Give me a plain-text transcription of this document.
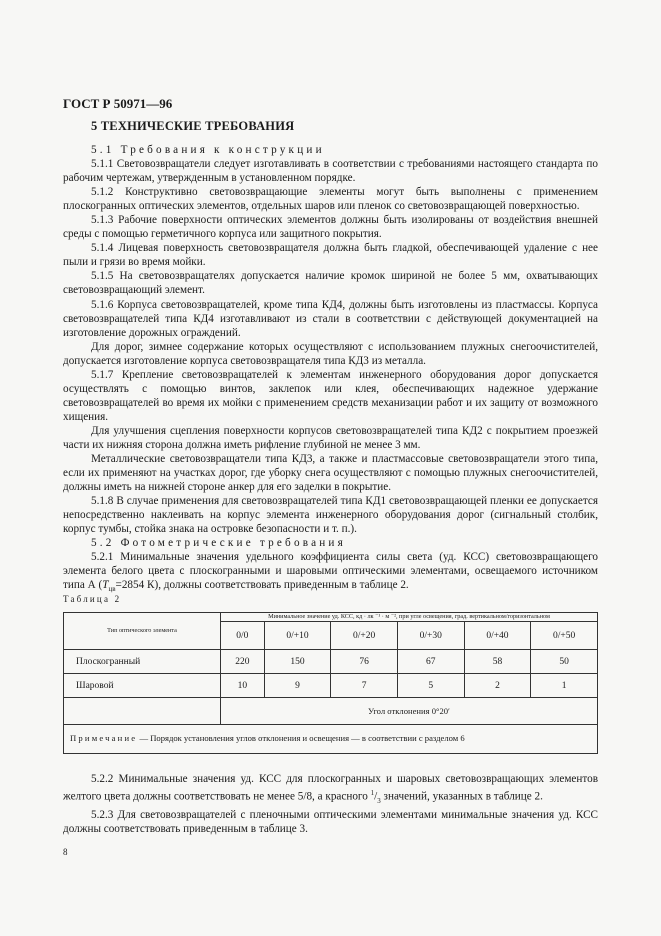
ГОСТ Р 50971—96
5 ТЕХНИЧЕСКИЕ ТРЕБОВАНИЯ

5.1 Требования к конструкции

5.1.1 Световозвращатели следует изготавливать в соответствии с требованиями настоящего стандарта по рабочим чертежам, утвержденным в установленном порядке.

5.1.2 Конструктивно световозвращающие элементы могут быть выполнены с применением плоскогранных оптических элементов, отдельных шаров или пленок со световозвращающей поверхностью.

5.1.3 Рабочие поверхности оптических элементов должны быть изолированы от воздействия внешней среды с помощью герметичного корпуса или защитного покрытия.

5.1.4 Лицевая поверхность световозвращателя должна быть гладкой, обеспечивающей удаление с нее пыли и грязи во время мойки.

5.1.5 На световозвращателях допускается наличие кромок шириной не более 5 мм, охватывающих световозвращающий элемент.

5.1.6 Корпуса световозвращателей, кроме типа КД4, должны быть изготовлены из пластмассы. Корпуса световозвращателей типа КД4 изготавливают из стали в соответствии с действующей документацией на изготовление дорожных ограждений.

Для дорог, зимнее содержание которых осуществляют с использованием плужных снегоочистителей, допускается изготовление корпуса световозвращателя типа КД3 из металла.

5.1.7 Крепление световозвращателей к элементам инженерного оборудования дорог допускается осуществлять с помощью винтов, заклепок или клея, обеспечивающих надежное удержание световозвращателей во время их мойки с применением средств механизации работ и их защиту от возможного хищения.

Для улучшения сцепления поверхности корпусов световозвращателей типа КД2 с покрытием проезжей части их нижняя сторона должна иметь рифление глубиной не менее 3 мм.

Металлические световозвращатели типа КД3, а также и пластмассовые световозвращатели этого типа, если их применяют на участках дорог, где уборку снега осуществляют с помощью плужных снегоочистителей, должны иметь на нижней стороне анкер для его заделки в покрытие.

5.1.8 В случае применения для световозвращателей типа КД1 световозвращающей пленки ее допускается непосредственно наклеивать на корпус элемента инженерного оборудования дорог (сигнальный столбик, корпус тумбы, стойка знака на островке безопасности и т. п.).

5.2 Фотометрические требования

5.2.1 Минимальные значения удельного коэффициента силы света (уд. КСС) световозвращающего элемента белого цвета с плоскогранными и шаровыми оптическими элементами, освещаемого источником типа А ($T_{цв}=2854$ К), должны соответствовать приведенным в таблице 2.

Таблица 2
Тип оптического элемента	Минимальное значение уд. КСС, кд · лк ⁻¹ · м ⁻², при угле освещения, град. вертикальном/горизонтальном					
	0/0	0/+10	0/+20	0/+30	0/+40	0/+50
Плоскогранный	220	150	76	67	58	50
Шаровой	10	9	7	5	2	1
	Угол отклонения 0°20′					
Примечание — Порядок установления углов отклонения и освещения — в соответствии с разделом 6						

5.2.2 Минимальные значения уд. КСС для плоскогранных и шаровых световозвращающих элементов желтого цвета должны соответствовать не менее 5/8, а красного $^1/_3$ значений, указанных в таблице 2.

5.2.3 Для световозвращателей с пленочными оптическими элементами минимальные значения уд. КСС должны соответствовать приведенным в таблице 3.

8
